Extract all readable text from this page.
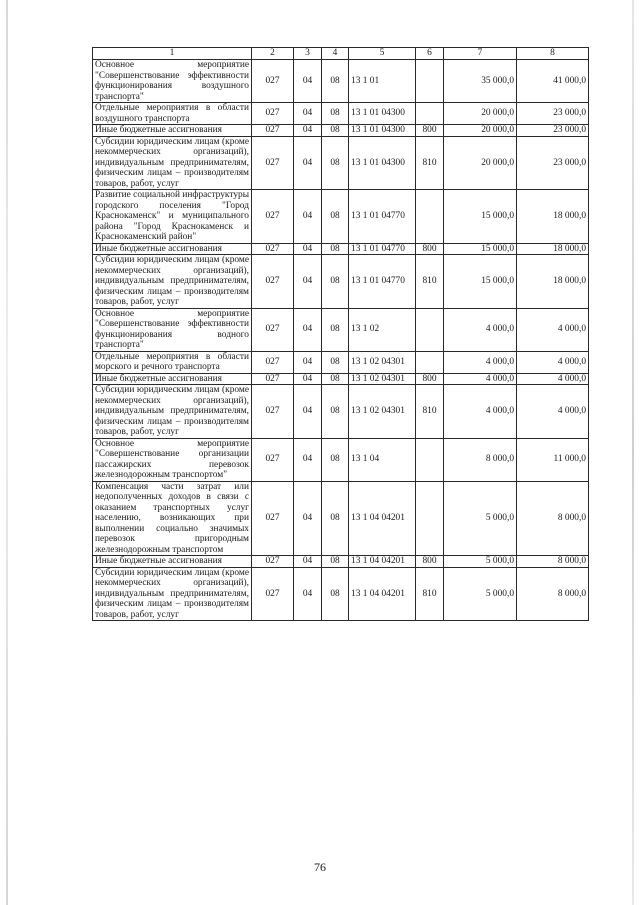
1	2	3	4	5	6	7	8
Основное мероприятие "Совершенствование эффективности функционирования воздушного транспорта"	027	04	08	13 1 01		35 000,0	41 000,0
Отдельные мероприятия в области воздушного транспорта	027	04	08	13 1 01 04300		20 000,0	23 000,0
Иные бюджетные ассигнования	027	04	08	13 1 01 04300	800	20 000,0	23 000,0
Субсидии юридическим лицам (кроме некоммерческих организаций), индивидуальным предпринимателям, физическим лицам – производителям товаров, работ, услуг	027	04	08	13 1 01 04300	810	20 000,0	23 000,0
Развитие социальной инфраструктуры городского поселения "Город Краснокаменск" и муниципального района "Город Краснокаменск и Краснокаменский район"	027	04	08	13 1 01 04770		15 000,0	18 000,0
Иные бюджетные ассигнования	027	04	08	13 1 01 04770	800	15 000,0	18 000,0
Субсидии юридическим лицам (кроме некоммерческих организаций), индивидуальным предпринимателям, физическим лицам – производителям товаров, работ, услуг	027	04	08	13 1 01 04770	810	15 000,0	18 000,0
Основное мероприятие "Совершенствование эффективности функционирования водного транспорта"	027	04	08	13 1 02		4 000,0	4 000,0
Отдельные мероприятия в области морского и речного транспорта	027	04	08	13 1 02 04301		4 000,0	4 000,0
Иные бюджетные ассигнования	027	04	08	13 1 02 04301	800	4 000,0	4 000,0
Субсидии юридическим лицам (кроме некоммерческих организаций), индивидуальным предпринимателям, физическим лицам – производителям товаров, работ, услуг	027	04	08	13 1 02 04301	810	4 000,0	4 000,0
Основное мероприятие "Совершенствование организации пассажирских перевозок железнодорожным транспортом"	027	04	08	13 1 04		8 000,0	11 000,0
Компенсация части затрат или недополученных доходов в связи с оказанием транспортных услуг населению, возникающих при выполнении социально значимых перевозок пригородным железнодорожным транспортом	027	04	08	13 1 04 04201		5 000,0	8 000,0
Иные бюджетные ассигнования	027	04	08	13 1 04 04201	800	5 000,0	8 000,0
Субсидии юридическим лицам (кроме некоммерческих организаций), индивидуальным предпринимателям, физическим лицам – производителям товаров, работ, услуг	027	04	08	13 1 04 04201	810	5 000,0	8 000,0
76
